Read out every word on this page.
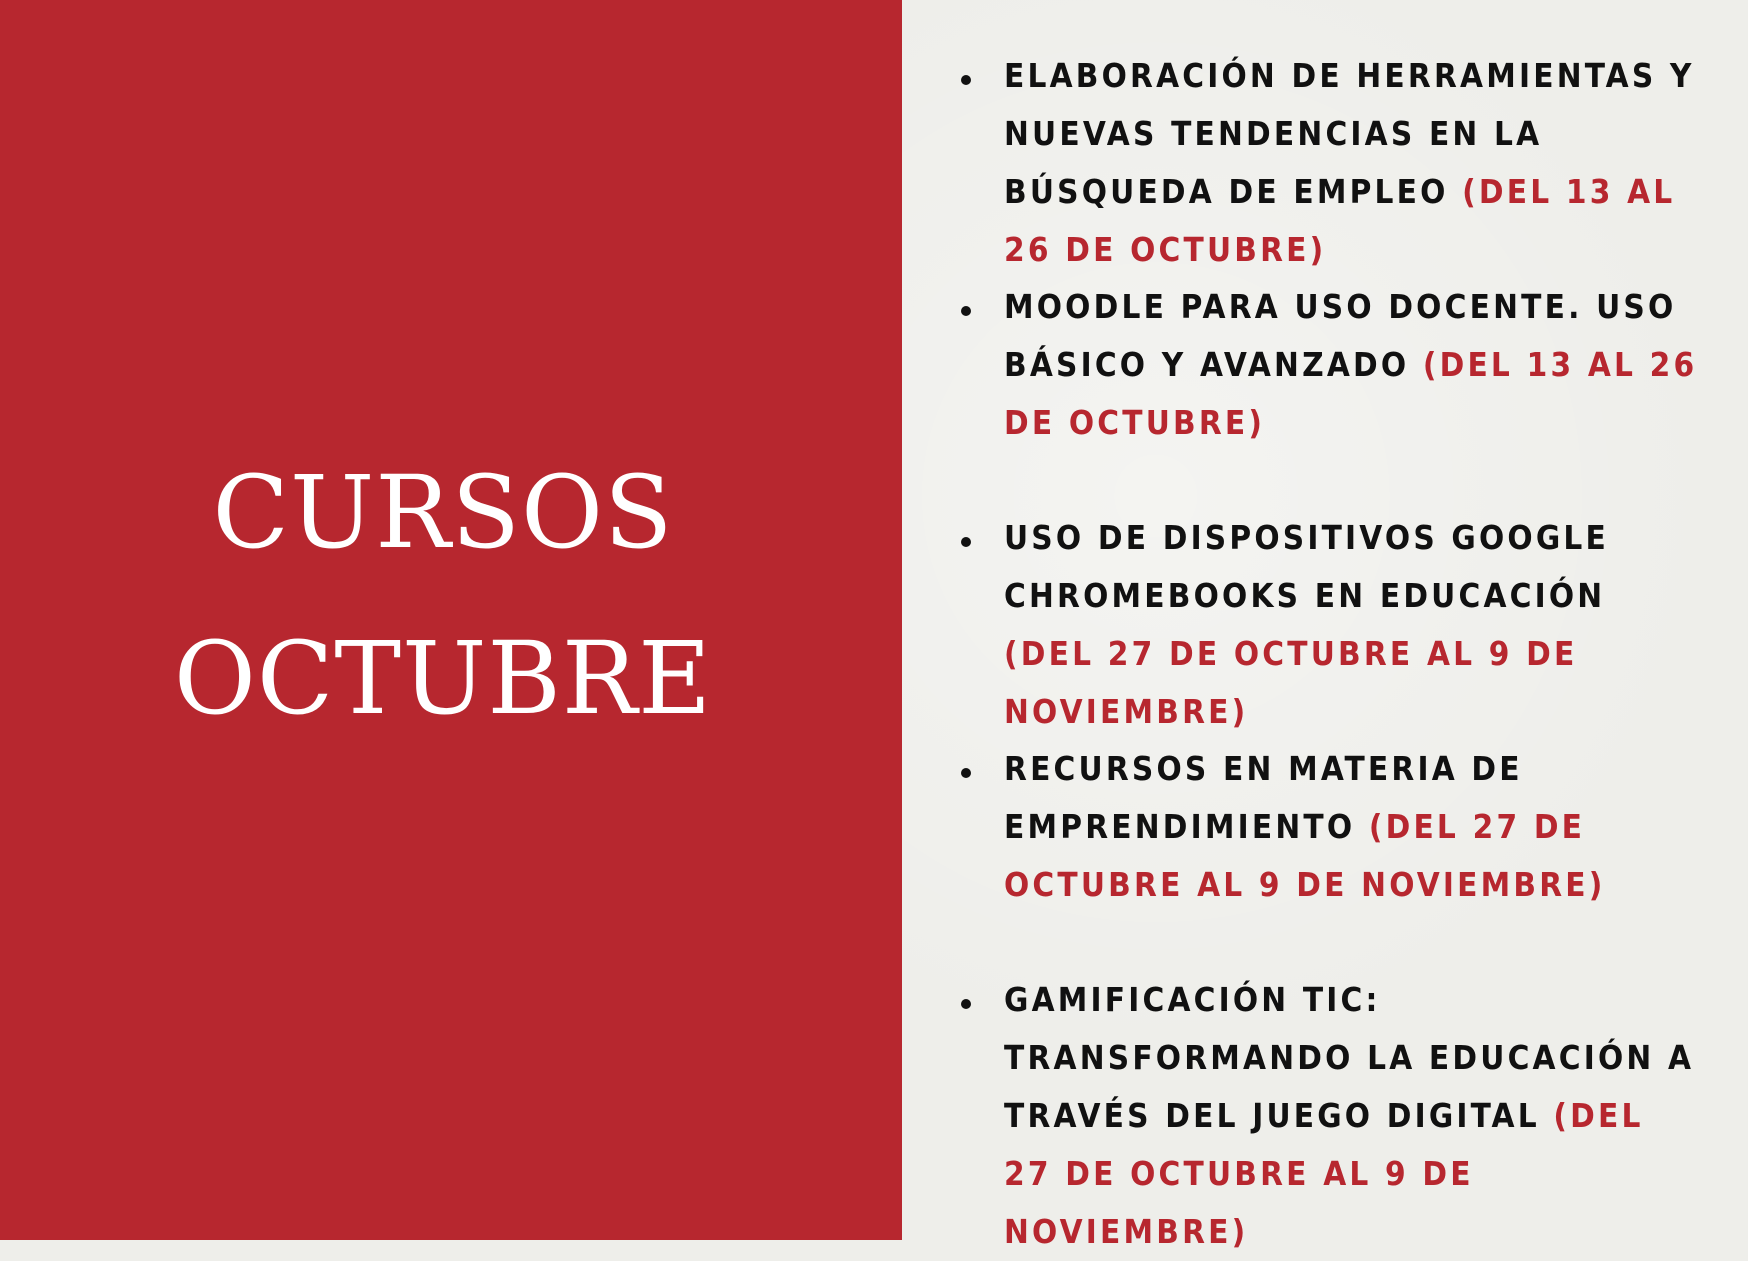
CURSOS
OCTUBRE
ELABORACIÓN DE HERRAMIENTAS Y NUEVAS TENDENCIAS EN LA BÚSQUEDA DE EMPLEO (DEL 13 AL 26 DE OCTUBRE)
MOODLE PARA USO DOCENTE. USO BÁSICO Y AVANZADO (DEL 13 AL 26 DE OCTUBRE)
USO DE DISPOSITIVOS GOOGLE CHROMEBOOKS EN EDUCACIÓN (DEL 27 DE OCTUBRE AL 9 DE NOVIEMBRE)
RECURSOS EN MATERIA DE EMPRENDIMIENTO (DEL 27 DE OCTUBRE AL 9 DE NOVIEMBRE)
GAMIFICACIÓN TIC: TRANSFORMANDO LA EDUCACIÓN A TRAVÉS DEL JUEGO DIGITAL (DEL 27 DE OCTUBRE AL 9 DE NOVIEMBRE)
